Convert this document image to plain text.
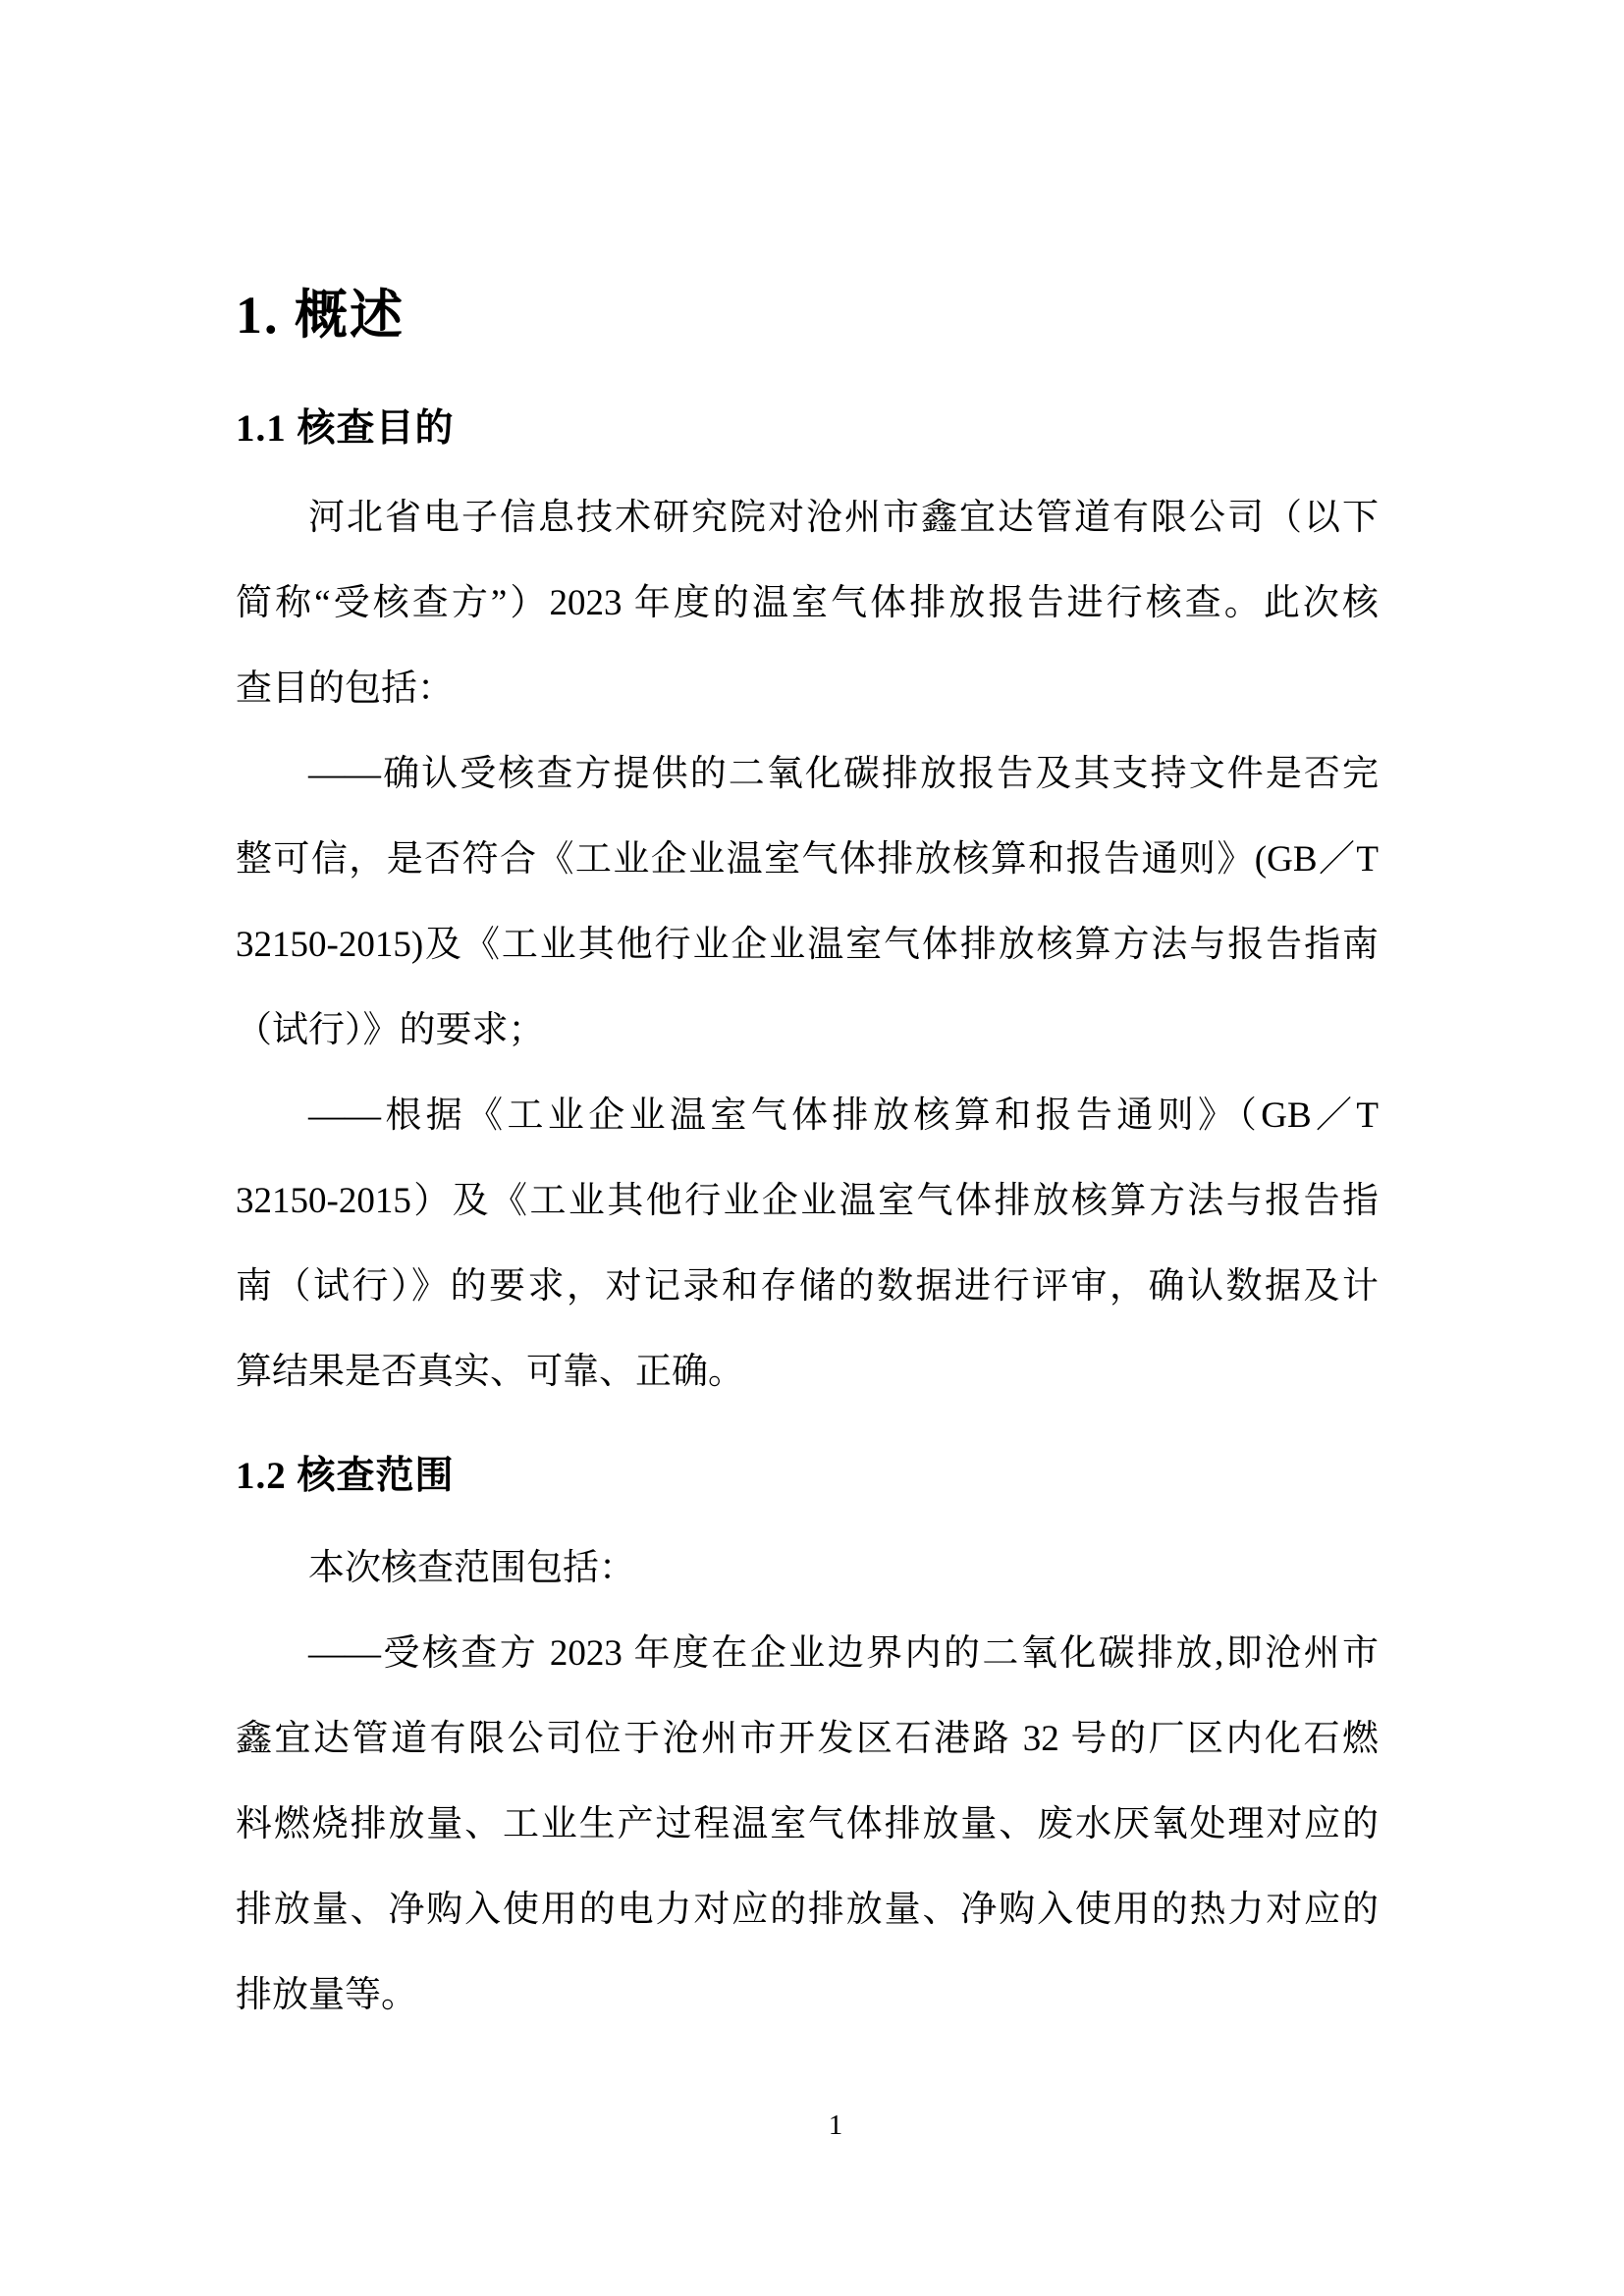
1. 概述
1.1 核查目的
河北省电子信息技术研究院对沧州市鑫宜达管道有限公司（以下
简称“受核查方”）2023 年度的温室气体排放报告进行核查。此次核
查目的包括：
——确认受核查方提供的二氧化碳排放报告及其支持文件是否完
整可信，是否符合《工业企业温室气体排放核算和报告通则》(GB／T
32150-2015)及《工业其他行业企业温室气体排放核算方法与报告指南
（试行）》的要求；
——根据《工业企业温室气体排放核算和报告通则》（GB／T
32150-2015）及《工业其他行业企业温室气体排放核算方法与报告指
南（试行）》的要求，对记录和存储的数据进行评审，确认数据及计
算结果是否真实、可靠、正确。
1.2 核查范围
本次核查范围包括：
——受核查方 2023 年度在企业边界内的二氧化碳排放,即沧州市
鑫宜达管道有限公司位于沧州市开发区石港路 32 号的厂区内化石燃
料燃烧排放量、工业生产过程温室气体排放量、废水厌氧处理对应的
排放量、净购入使用的电力对应的排放量、净购入使用的热力对应的
排放量等。
1
